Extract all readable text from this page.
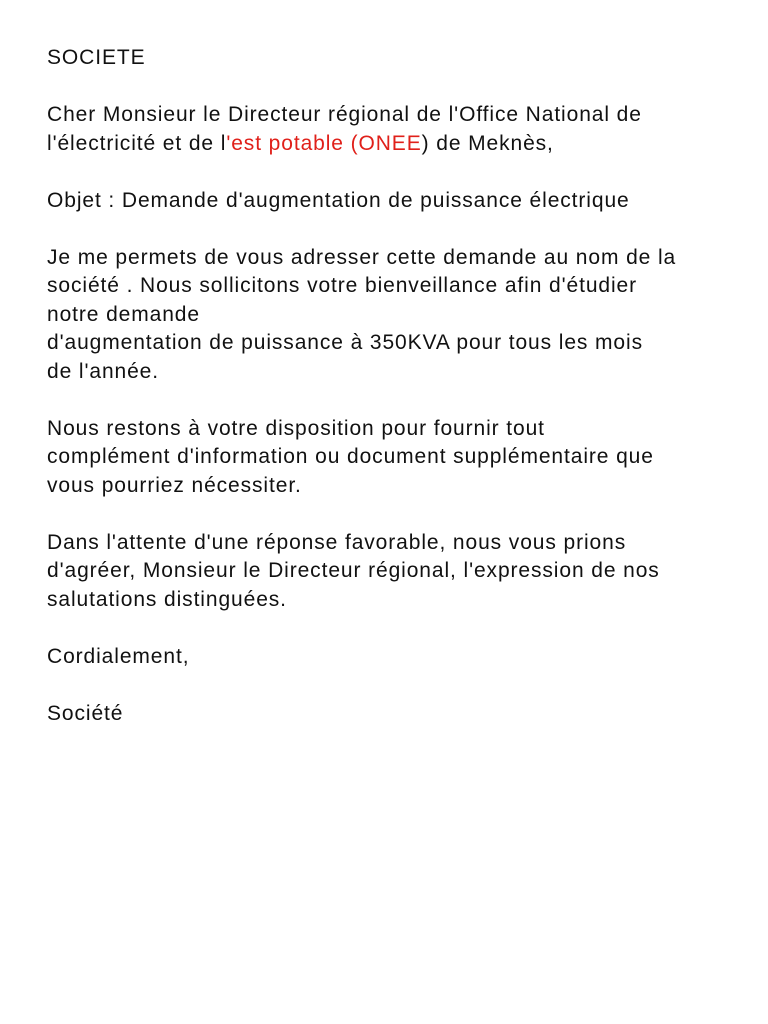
SOCIETE

Cher Monsieur le Directeur régional de l'Office National de
l'électricité et de l'est potable (ONEE) de Meknès,

Objet : Demande d'augmentation de puissance électrique

Je me permets de vous adresser cette demande au nom de la
société . Nous sollicitons votre bienveillance afin d'étudier
notre demande
d'augmentation de puissance à 350KVA pour tous les mois
de l'année.

Nous restons à votre disposition pour fournir tout
complément d'information ou document supplémentaire que
vous pourriez nécessiter.

Dans l'attente d'une réponse favorable, nous vous prions
d'agréer, Monsieur le Directeur régional, l'expression de nos
salutations distinguées.

Cordialement,

Société
